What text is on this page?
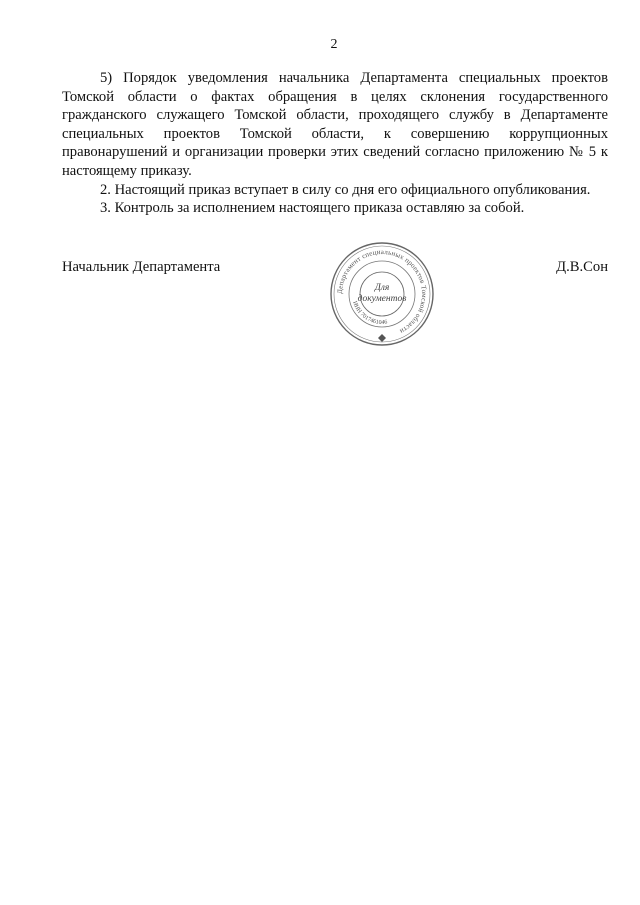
2

5) Порядок уведомления начальника Департамента специальных проектов Томской области о фактах обращения в целях склонения государственного гражданского служащего Томской области, проходящего службу в Департаменте специальных проектов Томской области, к совершению коррупционных правонарушений и организации проверки этих сведений согласно приложению № 5 к настоящему приказу.

2. Настоящий приказ вступает в силу со дня его официального опубликования.

3. Контроль за исполнением настоящего приказа оставляю за собой.

Начальник Департамента	Д.В.Сон
Департамент специальных проектов Томской области
ИНН 7017461046
Для
документов
